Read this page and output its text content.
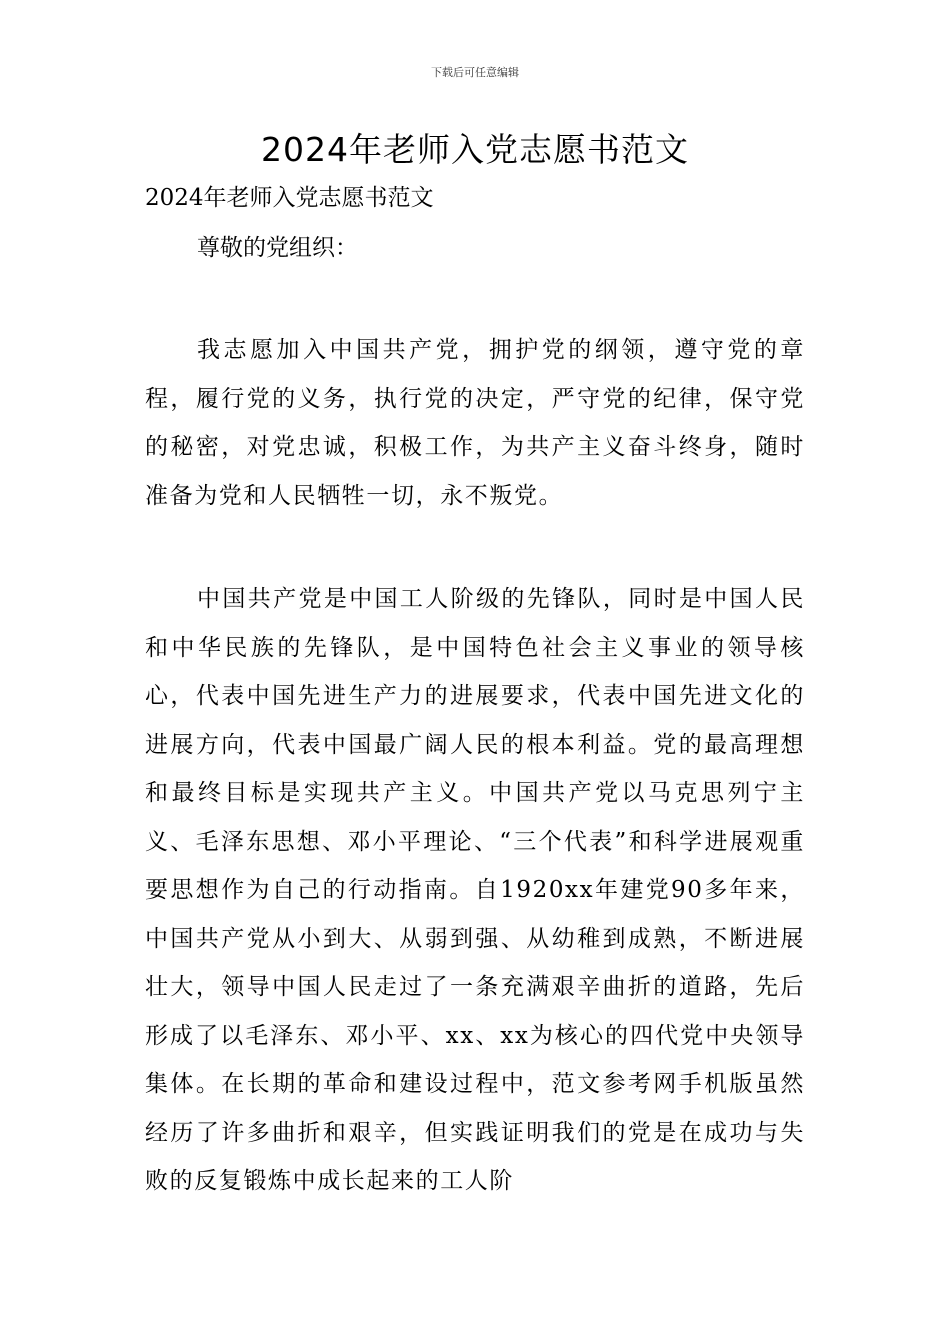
下载后可任意编辑
2024年老师入党志愿书范文
2024年老师入党志愿书范文
尊敬的党组织：

我志愿加入中国共产党，拥护党的纲领，遵守党的章程，履行党的义务，执行党的决定，严守党的纪律，保守党的秘密，对党忠诚，积极工作，为共产主义奋斗终身，随时准备为党和人民牺牲一切，永不叛党。

中国共产党是中国工人阶级的先锋队，同时是中国人民和中华民族的先锋队，是中国特色社会主义事业的领导核心，代表中国先进生产力的进展要求，代表中国先进文化的进展方向，代表中国最广阔人民的根本利益。党的最高理想和最终目标是实现共产主义。中国共产党以马克思列宁主义、毛泽东思想、邓小平理论、“三个代表”和科学进展观重要思想作为自己的行动指南。自1920xx年建党90多年来，中国共产党从小到大、从弱到强、从幼稚到成熟，不断进展壮大，领导中国人民走过了一条充满艰辛曲折的道路，先后形成了以毛泽东、邓小平、xx、xx为核心的四代党中央领导集体。在长期的革命和建设过程中，范文参考网手机版虽然经历了许多曲折和艰辛，但实践证明我们的党是在成功与失败的反复锻炼中成长起来的工人阶
